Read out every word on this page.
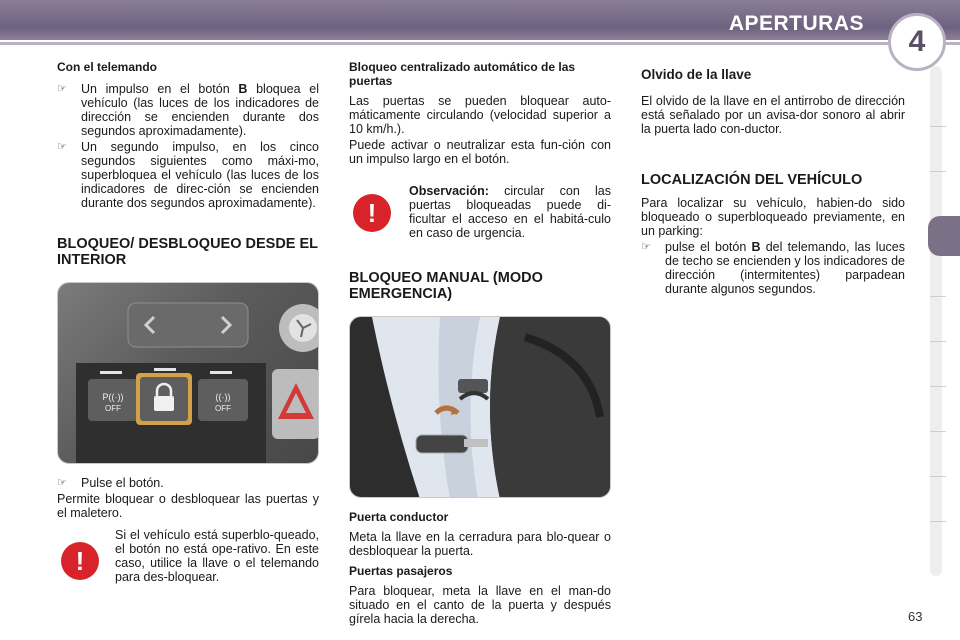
APERTURAS
4
Con el telemando
☞	Un impulso en el botón B bloquea el vehículo (las luces de los indicadores de dirección se encienden durante dos segundos aproximadamente).
☞	Un segundo impulso, en los cinco segundos siguientes como máxi-mo, superbloquea el vehículo (las luces de los indicadores de direc-ción se encienden durante dos segundos aproximadamente).
BLOQUEO/ DESBLOQUEO DESDE EL INTERIOR
P((·))
OFF
((·))
OFF
☞	Pulse el botón.

Permite bloquear o desbloquear las puertas y el maletero.

!

Si el vehículo está superblo-queado, el botón no está ope-rativo. En este caso, utilice la llave o el telemando para des-bloquear.

Bloqueo centralizado automático de las puertas

Las puertas se pueden bloquear auto-máticamente circulando (velocidad superior a 10 km/h.).

Puede activar o neutralizar esta fun-ción con un impulso largo en el botón.

!

Observación: circular con las puertas bloqueadas puede di-ficultar el acceso en el habitá-culo en caso de urgencia.

BLOQUEO MANUAL (MODO EMERGENCIA)
Puerta conductor

Meta la llave en la cerradura para blo-quear o desbloquear la puerta.

Puertas pasajeros

Para bloquear, meta la llave en el man-do situado en el canto de la puerta y después gírela hacia la derecha.

Olvido de la llave

El olvido de la llave en el antirrobo de dirección está señalado por un avisa-dor sonoro al abrir la puerta lado con-ductor.

LOCALIZACIÓN DEL VEHÍCULO

Para localizar su vehículo, habien-do sido bloqueado o superbloqueado previamente, en un parking:

☞	pulse el botón B del telemando, las luces de techo se encienden y los indicadores de dirección (intermitentes) parpadean durante algunos segundos.
63
